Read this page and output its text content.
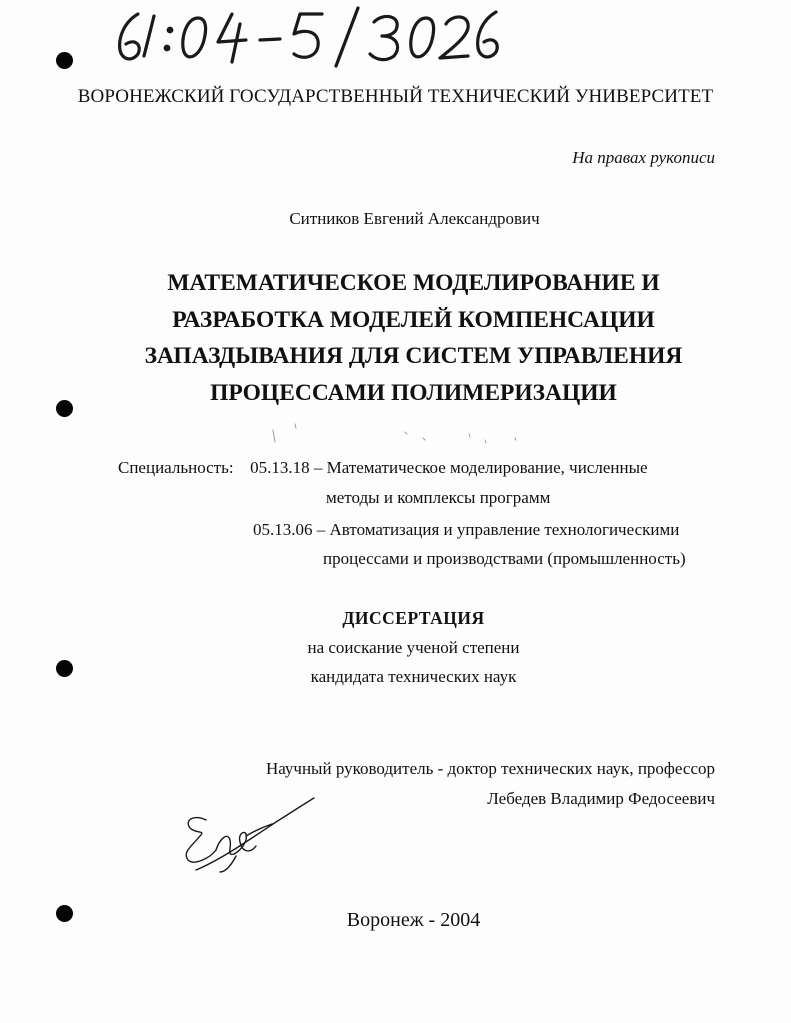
ВОРОНЕЖСКИЙ ГОСУДАРСТВЕННЫЙ ТЕХНИЧЕСКИЙ УНИВЕРСИТЕТ
На правах рукописи
Ситников Евгений Александрович
МАТЕМАТИЧЕСКОЕ МОДЕЛИРОВАНИЕ И
РАЗРАБОТКА МОДЕЛЕЙ КОМПЕНСАЦИИ
ЗАПАЗДЫВАНИЯ ДЛЯ СИСТЕМ УПРАВЛЕНИЯ
ПРОЦЕССАМИ ПОЛИМЕРИЗАЦИИ
Специальность: 05.13.18 – Математическое моделирование, численные
методы и комплексы программ
05.13.06 – Автоматизация и управление технологическими
процессами и производствами (промышленность)
ДИССЕРТАЦИЯ
на соискание ученой степени
кандидата технических наук
Научный руководитель - доктор технических наук, профессор
Лебедев Владимир Федосеевич
Воронеж - 2004
